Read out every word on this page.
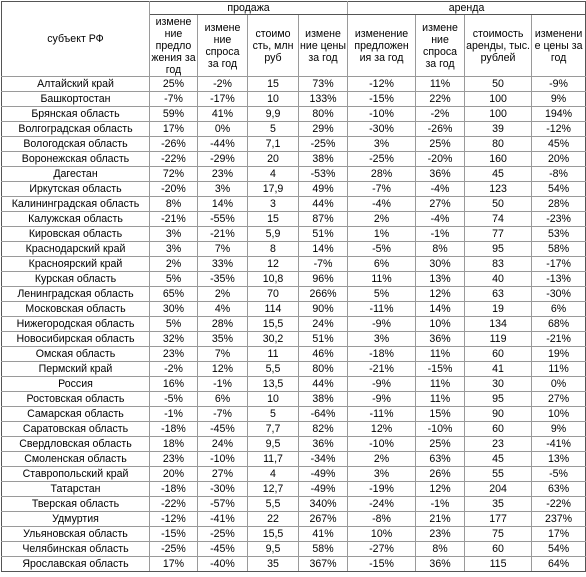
субъект РФ	продажа				аренда			
	измене ние предло жения за год	измене ние спроса за год	стоимо сть, млн руб	измене ние цены за год	изменение предложен ия за год	измене ние спроса за год	стоимость аренды, тыс. рублей	изменени е цены за год
Алтайский край	25%	-2%	15	73%	-12%	11%	50	-9%
Башкортостан	-7%	-17%	10	133%	-15%	22%	100	9%
Брянская область	59%	41%	9,9	80%	-10%	-2%	100	194%
Волгоградская область	17%	0%	5	29%	-30%	-26%	39	-12%
Вологодская область	-26%	-44%	7,1	-25%	3%	25%	80	45%
Воронежская область	-22%	-29%	20	38%	-25%	-20%	160	20%
Дагестан	72%	23%	4	-53%	28%	36%	45	-8%
Иркутская область	-20%	3%	17,9	49%	-7%	-4%	123	54%
Калининградская область	8%	14%	3	44%	-4%	27%	50	28%
Калужская область	-21%	-55%	15	87%	2%	-4%	74	-23%
Кировская область	3%	-21%	5,9	51%	1%	-1%	77	53%
Краснодарский край	3%	7%	8	14%	-5%	8%	95	58%
Красноярский край	2%	33%	12	-7%	6%	30%	83	-17%
Курская область	5%	-35%	10,8	96%	11%	13%	40	-13%
Ленинградская область	65%	2%	70	266%	5%	12%	63	-30%
Московская область	30%	4%	114	90%	-11%	14%	19	6%
Нижегородская область	5%	28%	15,5	24%	-9%	10%	134	68%
Новосибирская область	32%	35%	30,2	51%	3%	36%	119	-21%
Омская область	23%	7%	11	46%	-18%	11%	60	19%
Пермский край	-2%	12%	5,5	80%	-21%	-15%	41	11%
Россия	16%	-1%	13,5	44%	-9%	11%	30	0%
Ростовская область	-5%	6%	10	38%	-9%	11%	95	27%
Самарская область	-1%	-7%	5	-64%	-11%	15%	90	10%
Саратовская область	-18%	-45%	7,7	82%	12%	-10%	60	9%
Свердловская область	18%	24%	9,5	36%	-10%	25%	23	-41%
Смоленская область	23%	-10%	11,7	-34%	2%	63%	45	13%
Ставропольский край	20%	27%	4	-49%	3%	26%	55	-5%
Татарстан	-18%	-30%	12,7	-49%	-19%	12%	204	63%
Тверская область	-22%	-57%	5,5	340%	-24%	-1%	35	-22%
Удмуртия	-12%	-41%	22	267%	-8%	21%	177	237%
Ульяновская область	-15%	-25%	15,5	41%	10%	23%	75	17%
Челябинская область	-25%	-45%	9,5	58%	-27%	8%	60	54%
Ярославская область	17%	-40%	35	367%	-15%	36%	115	64%
